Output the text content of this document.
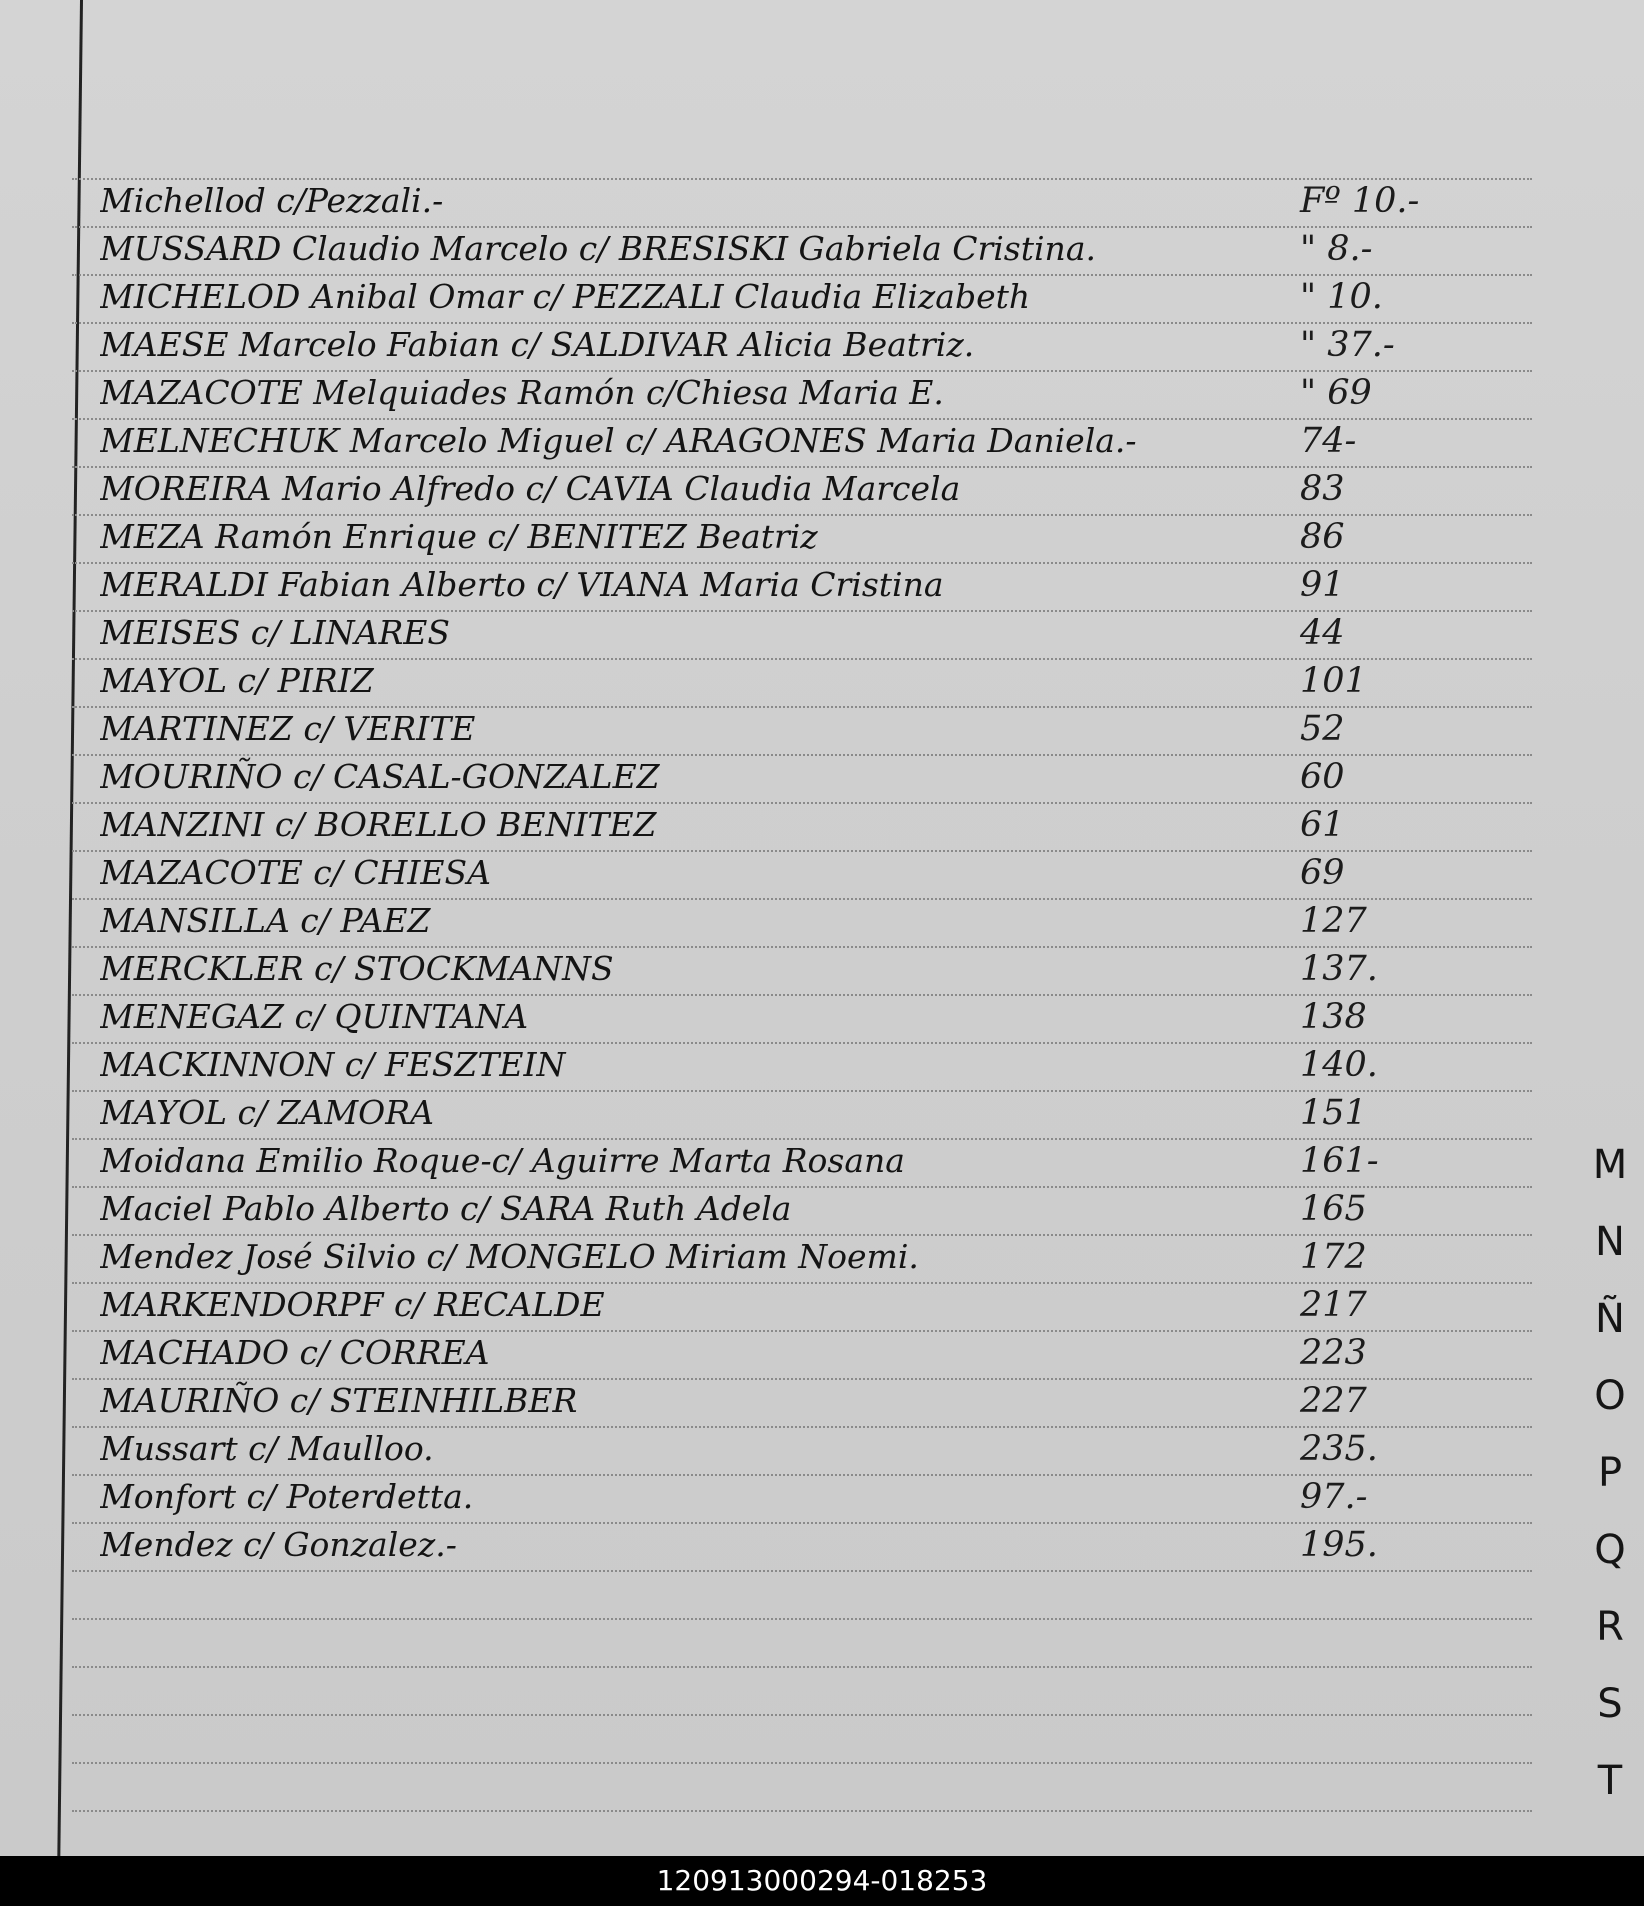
Michellod c/Pezzali.-	Fº 10.-
MUSSARD Claudio Marcelo c/ BRESISKI Gabriela Cristina.	" 8.-
MICHELOD Anibal Omar c/ PEZZALI Claudia Elizabeth	" 10.
MAESE Marcelo Fabian c/ SALDIVAR Alicia Beatriz.	" 37.-
MAZACOTE Melquiades Ramón c/Chiesa Maria E.	" 69
MELNECHUK Marcelo Miguel c/ ARAGONES Maria Daniela.-	74-
MOREIRA Mario Alfredo c/ CAVIA Claudia Marcela	83
MEZA Ramón Enrique c/ BENITEZ Beatriz	86
MERALDI Fabian Alberto c/ VIANA Maria Cristina	91
MEISES c/ LINARES	44
MAYOL c/ PIRIZ	101
MARTINEZ c/ VERITE	52
MOURIÑO c/ CASAL-GONZALEZ	60
MANZINI c/ BORELLO BENITEZ	61
MAZACOTE c/ CHIESA	69
MANSILLA c/ PAEZ	127
MERCKLER c/ STOCKMANNS	137.
MENEGAZ c/ QUINTANA	138
MACKINNON c/ FESZTEIN	140.
MAYOL c/ ZAMORA	151
Moidana Emilio Roque-c/ Aguirre Marta Rosana	161-
Maciel Pablo Alberto c/ SARA Ruth Adela	165
Mendez José Silvio c/ MONGELO Miriam Noemi.	172
MARKENDORPF c/ RECALDE	217
MACHADO c/ CORREA	223
MAURIÑO c/ STEINHILBER	227
Mussart c/ Maulloo.	235.
Monfort c/ Poterdetta.	97.-
Mendez c/ Gonzalez.-	195.
M
N
Ñ
O
P
Q
R
S
T
120913000294-018253
